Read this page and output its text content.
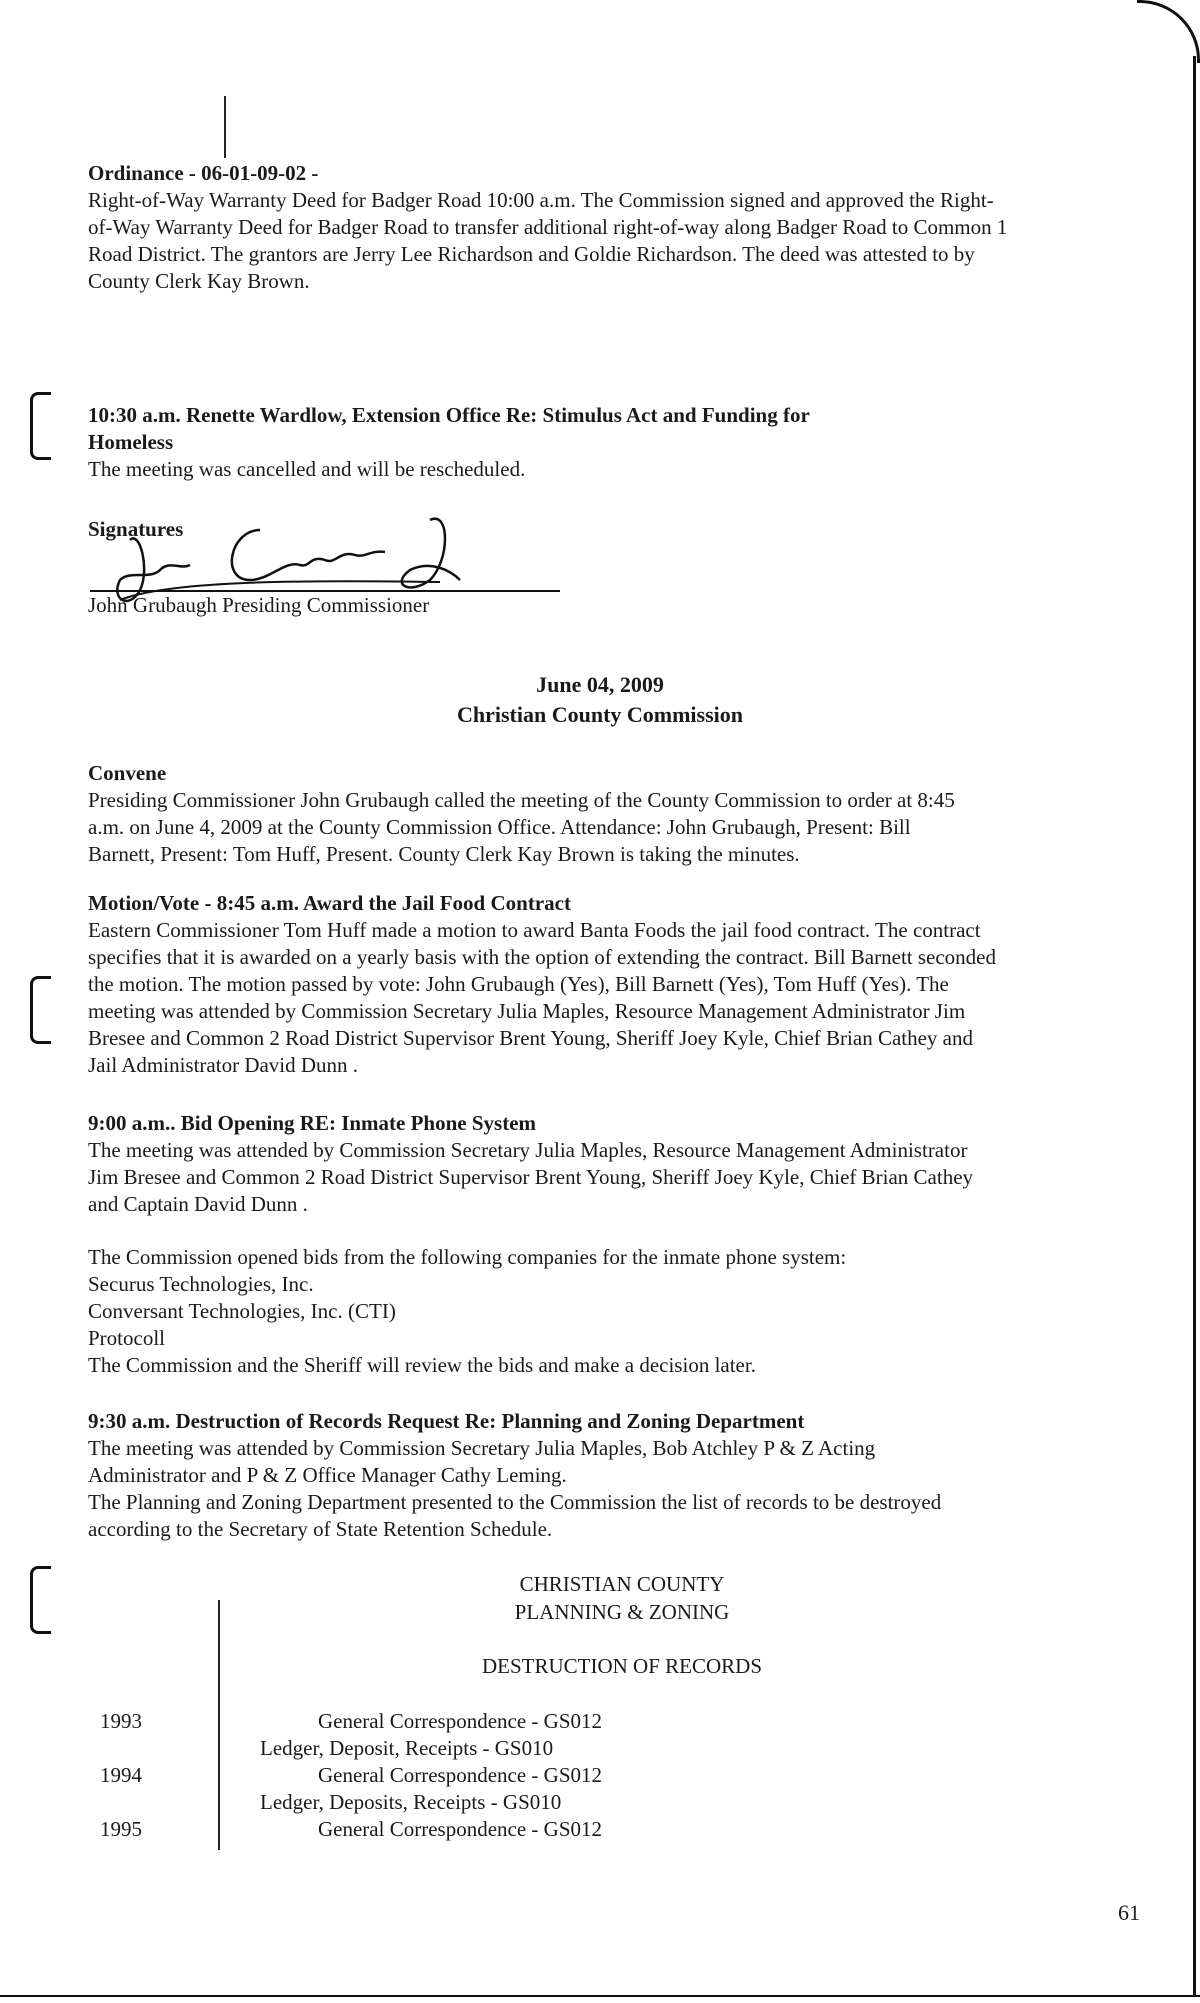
Ordinance - 06-01-09-02 -
Right-of-Way Warranty Deed for Badger Road 10:00 a.m. The Commission signed and approved the Right-
of-Way Warranty Deed for Badger Road to transfer additional right-of-way along Badger Road to Common 1
Road District. The grantors are Jerry Lee Richardson and Goldie Richardson. The deed was attested to by
County Clerk Kay Brown.
10:30 a.m. Renette Wardlow, Extension Office Re: Stimulus Act and Funding for
Homeless
The meeting was cancelled and will be rescheduled.
Signatures
John Grubaugh Presiding Commissioner
June 04, 2009
Christian County Commission
Convene
Presiding Commissioner John Grubaugh called the meeting of the County Commission to order at 8:45
a.m. on June 4, 2009 at the County Commission Office. Attendance: John Grubaugh, Present: Bill
Barnett, Present: Tom Huff, Present. County Clerk Kay Brown is taking the minutes.
Motion/Vote - 8:45 a.m. Award the Jail Food Contract
Eastern Commissioner Tom Huff made a motion to award Banta Foods the jail food contract. The contract
specifies that it is awarded on a yearly basis with the option of extending the contract. Bill Barnett seconded
the motion. The motion passed by vote: John Grubaugh (Yes), Bill Barnett (Yes), Tom Huff (Yes). The
meeting was attended by Commission Secretary Julia Maples, Resource Management Administrator Jim
Bresee and Common 2 Road District Supervisor Brent Young, Sheriff Joey Kyle, Chief Brian Cathey and
Jail Administrator David Dunn .
9:00 a.m.. Bid Opening RE: Inmate Phone System
The meeting was attended by Commission Secretary Julia Maples, Resource Management Administrator
Jim Bresee and Common 2 Road District Supervisor Brent Young, Sheriff Joey Kyle, Chief Brian Cathey
and Captain David Dunn .
The Commission opened bids from the following companies for the inmate phone system:
Securus Technologies, Inc.
Conversant Technologies, Inc. (CTI)
Protocoll
The Commission and the Sheriff will review the bids and make a decision later.
9:30 a.m. Destruction of Records Request Re: Planning and Zoning Department
The meeting was attended by Commission Secretary Julia Maples, Bob Atchley P & Z Acting
Administrator and P & Z Office Manager Cathy Leming.
The Planning and Zoning Department presented to the Commission the list of records to be destroyed
according to the Secretary of State Retention Schedule.
CHRISTIAN COUNTY
PLANNING & ZONING
DESTRUCTION OF RECORDS
1993	General Correspondence - GS012
Ledger, Deposit, Receipts - GS010
1994	General Correspondence - GS012
Ledger, Deposits, Receipts - GS010
1995	General Correspondence - GS012
61
